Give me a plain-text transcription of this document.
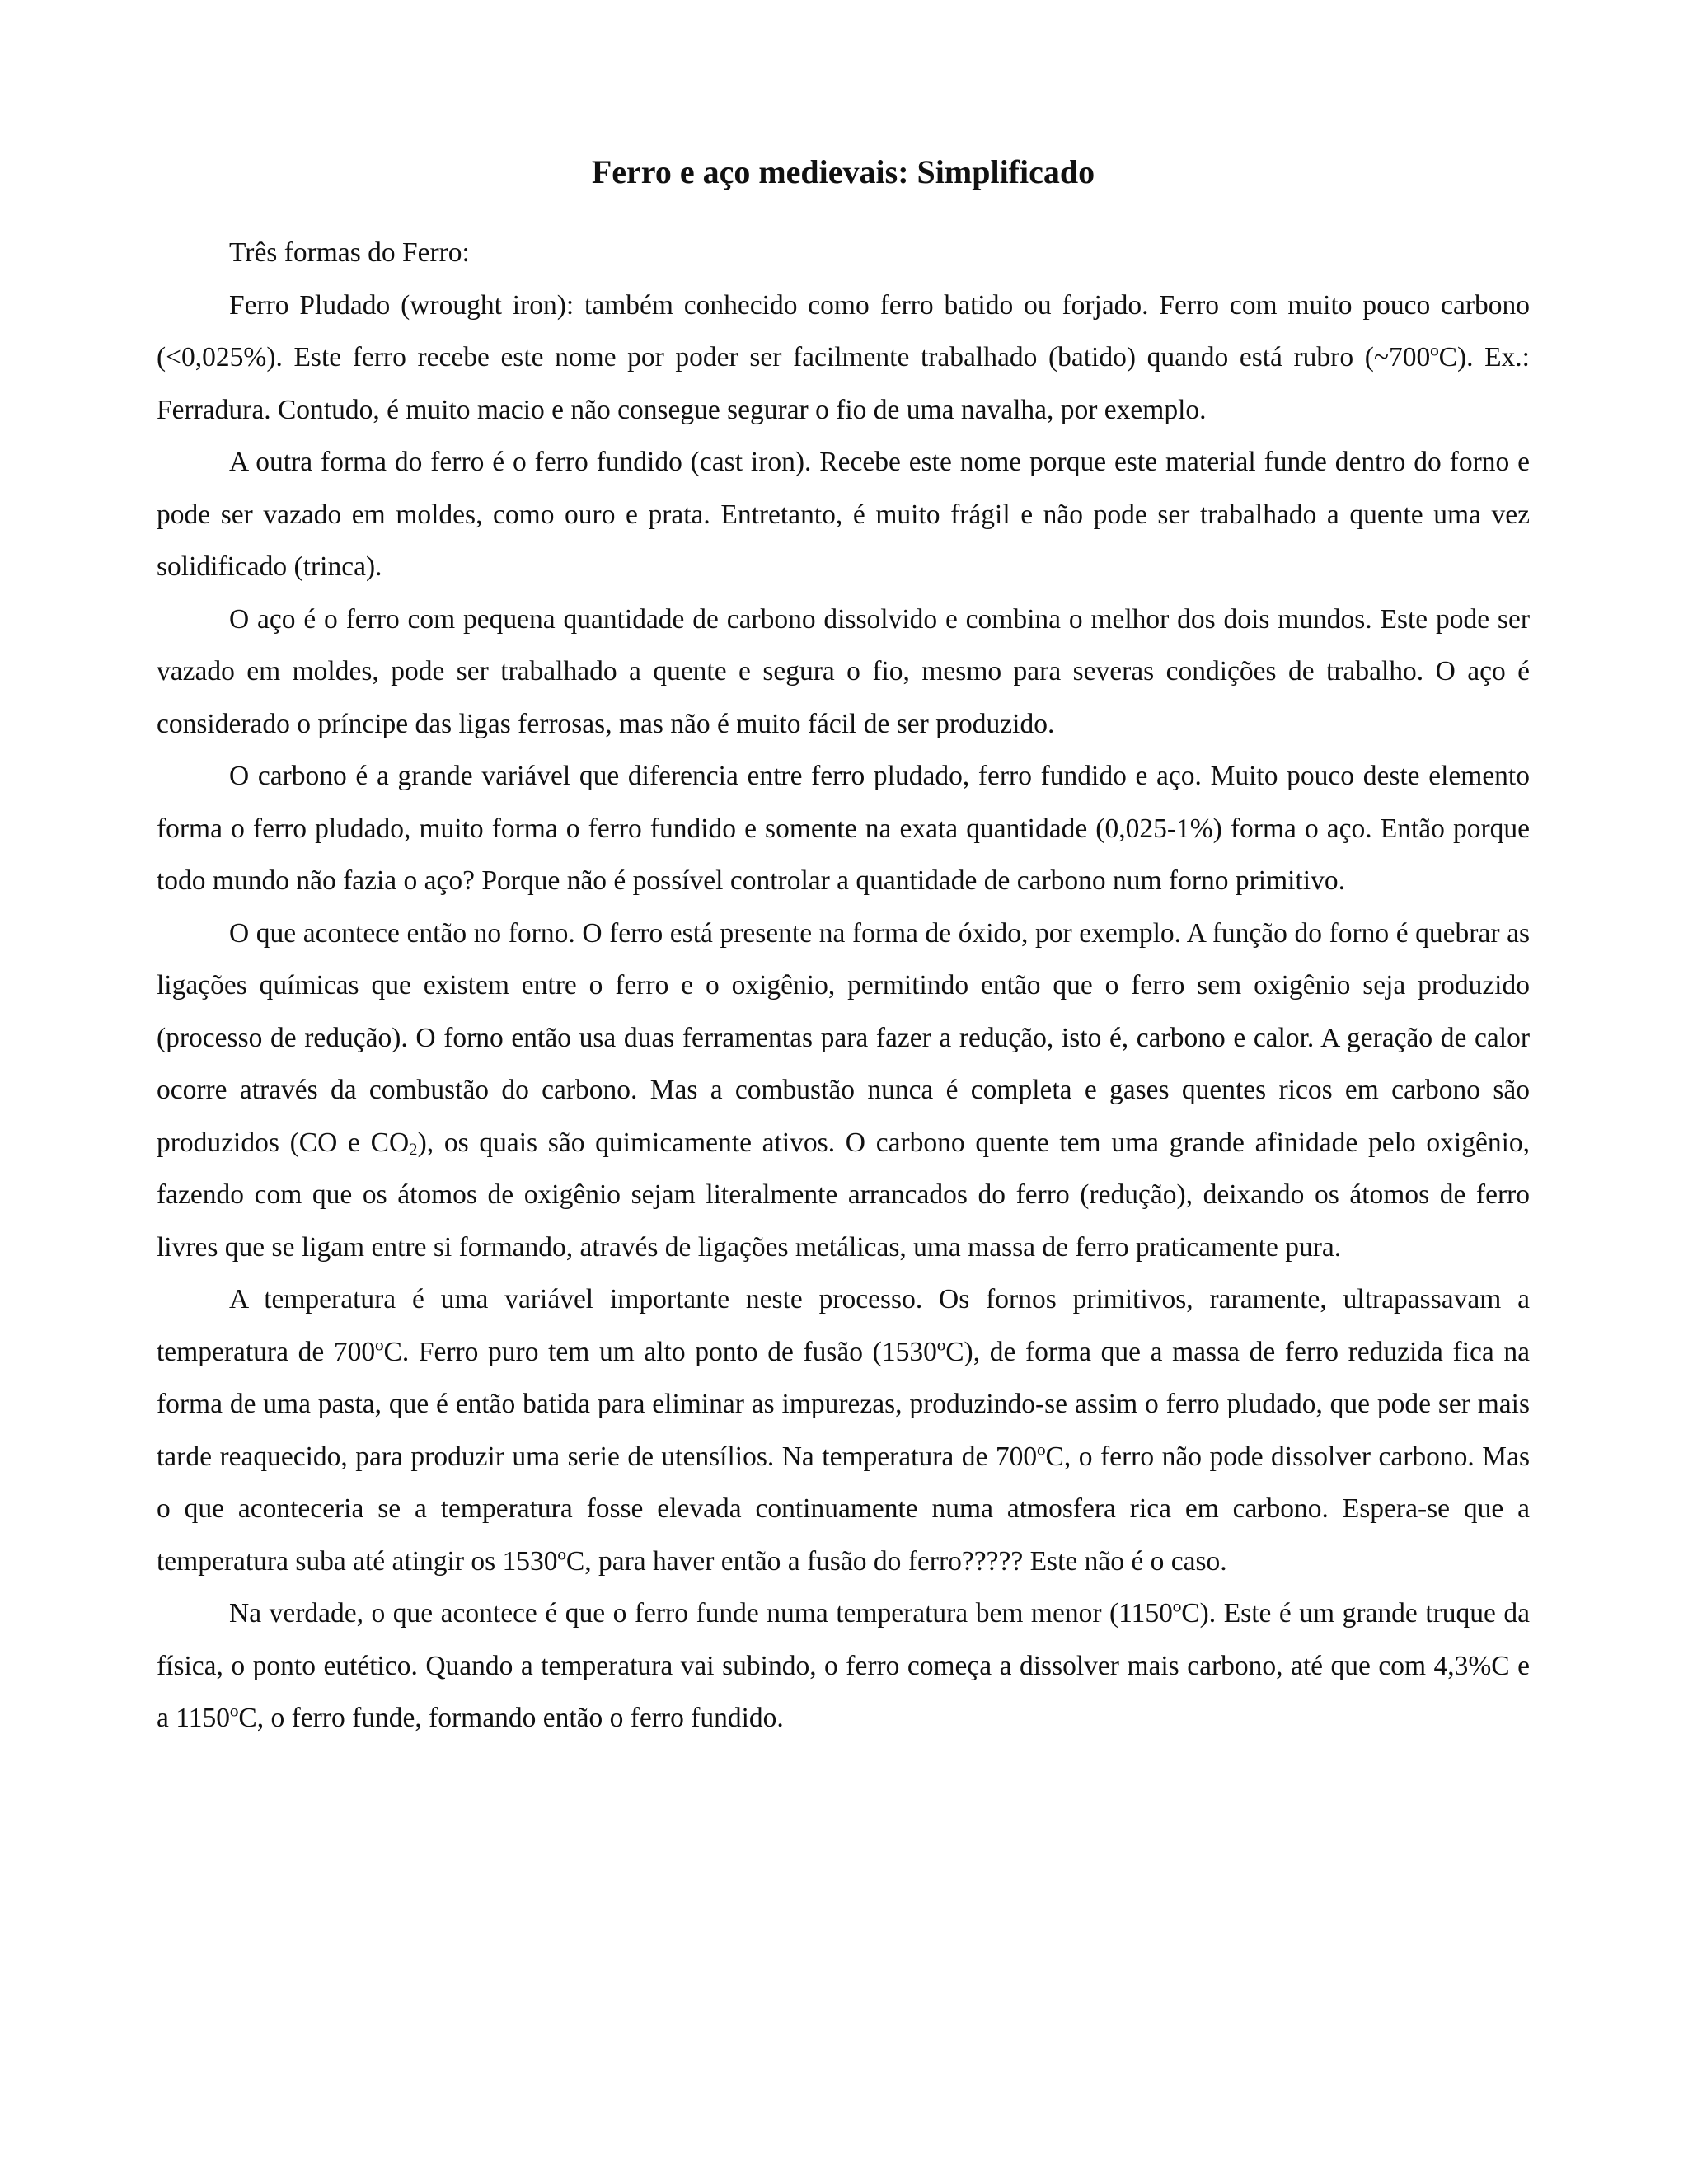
Ferro e aço medievais: Simplificado

Três formas do Ferro:

Ferro Pludado (wrought iron): também conhecido como ferro batido ou forjado. Ferro com muito pouco carbono (<0,025%). Este ferro recebe este nome por poder ser facilmente trabalhado (batido) quando está rubro (~700ºC). Ex.: Ferradura. Contudo, é muito macio e não consegue segurar o fio de uma navalha, por exemplo.

A outra forma do ferro é o ferro fundido (cast iron). Recebe este nome porque este material funde dentro do forno e pode ser vazado em moldes, como ouro e prata. Entretanto, é muito frágil e não pode ser trabalhado a quente uma vez solidificado (trinca).

O aço é o ferro com pequena quantidade de carbono dissolvido e combina o melhor dos dois mundos. Este pode ser vazado em moldes, pode ser trabalhado a quente e segura o fio, mesmo para severas condições de trabalho. O aço é considerado o príncipe das ligas ferrosas, mas não é muito fácil de ser produzido.

O carbono é a grande variável que diferencia entre ferro pludado, ferro fundido e aço. Muito pouco deste elemento forma o ferro pludado, muito forma o ferro fundido e somente na exata quantidade (0,025-1%) forma o aço. Então porque todo mundo não fazia o aço? Porque não é possível controlar a quantidade de carbono num forno primitivo.

O que acontece então no forno. O ferro está presente na forma de óxido, por exemplo. A função do forno é quebrar as ligações químicas que existem entre o ferro e o oxigênio, permitindo então que o ferro sem oxigênio seja produzido (processo de redução). O forno então usa duas ferramentas para fazer a redução, isto é, carbono e calor. A geração de calor ocorre através da combustão do carbono. Mas a combustão nunca é completa e gases quentes ricos em carbono são produzidos (CO e $CO_2$), os quais são quimicamente ativos. O carbono quente tem uma grande afinidade pelo oxigênio, fazendo com que os átomos de oxigênio sejam literalmente arrancados do ferro (redução), deixando os átomos de ferro livres que se ligam entre si formando, através de ligações metálicas, uma massa de ferro praticamente pura.

A temperatura é uma variável importante neste processo. Os fornos primitivos, raramente, ultrapassavam a temperatura de 700ºC. Ferro puro tem um alto ponto de fusão (1530ºC), de forma que a massa de ferro reduzida fica na forma de uma pasta, que é então batida para eliminar as impurezas, produzindo-se assim o ferro pludado, que pode ser mais tarde reaquecido, para produzir uma serie de utensílios. Na temperatura de 700ºC, o ferro não pode dissolver carbono. Mas o que aconteceria se a temperatura fosse elevada continuamente numa atmosfera rica em carbono. Espera-se que a temperatura suba até atingir os 1530ºC, para haver então a fusão do ferro????? Este não é o caso.

Na verdade, o que acontece é que o ferro funde numa temperatura bem menor (1150ºC). Este é um grande truque da física, o ponto eutético. Quando a temperatura vai subindo, o ferro começa a dissolver mais carbono, até que com 4,3%C e a 1150ºC, o ferro funde, formando então o ferro fundido.
